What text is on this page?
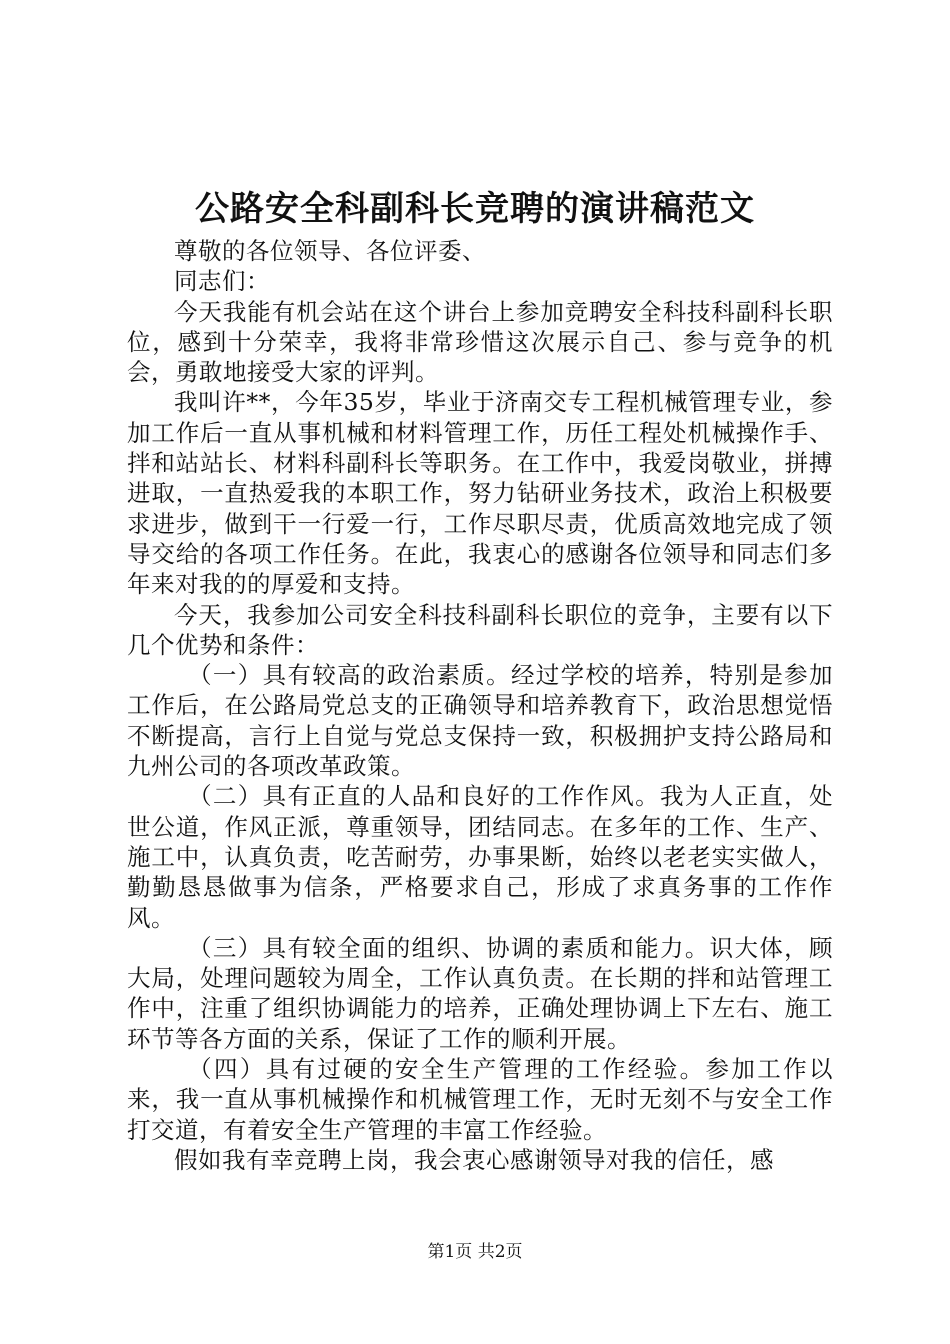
公路安全科副科长竞聘的演讲稿范文

尊敬的各位领导、各位评委、

同志们：

今天我能有机会站在这个讲台上参加竞聘安全科技科副科长职位，感到十分荣幸，我将非常珍惜这次展示自己、参与竞争的机会，勇敢地接受大家的评判。

我叫许**，今年35岁，毕业于济南交专工程机械管理专业，参加工作后一直从事机械和材料管理工作，历任工程处机械操作手、拌和站站长、材料科副科长等职务。在工作中，我爱岗敬业，拼搏进取，一直热爱我的本职工作，努力钻研业务技术，政治上积极要求进步，做到干一行爱一行，工作尽职尽责，优质高效地完成了领导交给的各项工作任务。在此，我衷心的感谢各位领导和同志们多年来对我的的厚爱和支持。

今天，我参加公司安全科技科副科长职位的竞争，主要有以下几个优势和条件：

（一）具有较高的政治素质。经过学校的培养，特别是参加工作后，在公路局党总支的正确领导和培养教育下，政治思想觉悟不断提高，言行上自觉与党总支保持一致，积极拥护支持公路局和九州公司的各项改革政策。

（二）具有正直的人品和良好的工作作风。我为人正直，处世公道，作风正派，尊重领导，团结同志。在多年的工作、生产、施工中，认真负责，吃苦耐劳，办事果断，始终以老老实实做人，勤勤恳恳做事为信条，严格要求自己，形成了求真务事的工作作风。

（三）具有较全面的组织、协调的素质和能力。识大体，顾大局，处理问题较为周全，工作认真负责。在长期的拌和站管理工作中，注重了组织协调能力的培养，正确处理协调上下左右、施工环节等各方面的关系，保证了工作的顺利开展。

（四）具有过硬的安全生产管理的工作经验。参加工作以来，我一直从事机械操作和机械管理工作，无时无刻不与安全工作打交道，有着安全生产管理的丰富工作经验。

假如我有幸竞聘上岗，我会衷心感谢领导对我的信任，感

第1页 共2页
